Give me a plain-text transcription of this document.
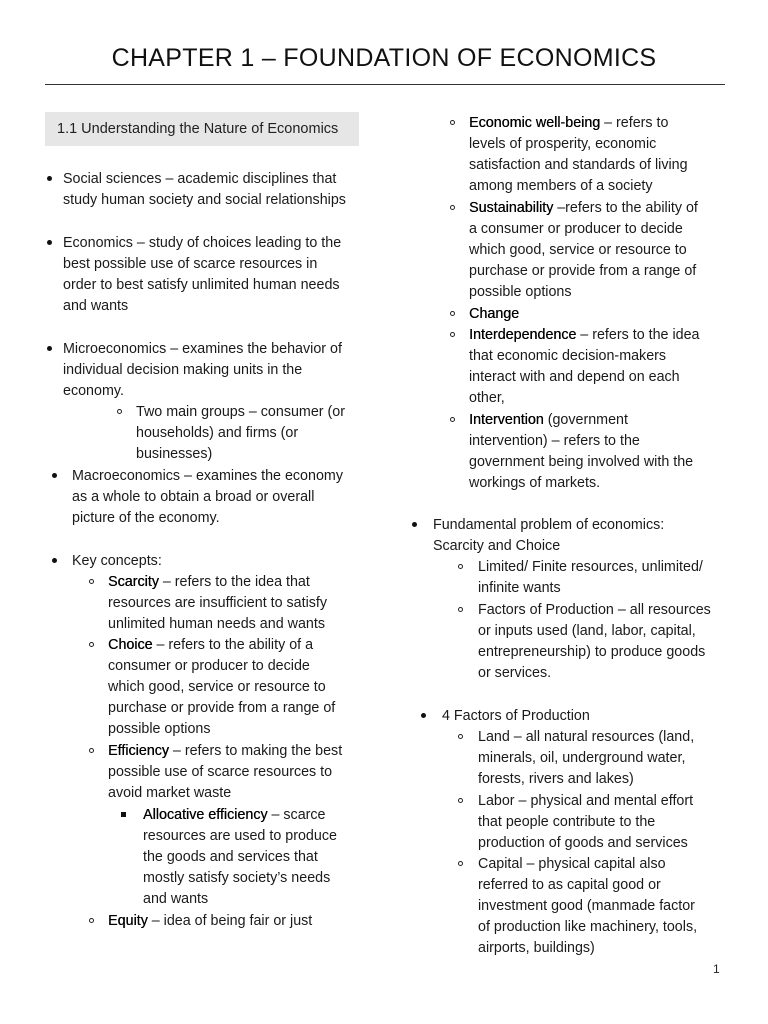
CHAPTER 1 – FOUNDATION OF ECONOMICS
1.1 Understanding the Nature of Economics
Social sciences – academic disciplines that
study human society and social relationships
Economics – study of choices leading to the
best possible use of scarce resources in
order to best satisfy unlimited human needs
and wants
Microeconomics – examines the behavior of
individual decision making units in the
economy.
Two main groups – consumer (or
households) and firms (or
businesses)
Macroeconomics – examines the economy
as a whole to obtain a broad or overall
picture of the economy.
Key concepts:
Scarcity – refers to the idea that
resources are insufficient to satisfy
unlimited human needs and wants
Choice – refers to the ability of a
consumer or producer to decide
which good, service or resource to
purchase or provide from a range of
possible options
Efficiency – refers to making the best
possible use of scarce resources to
avoid market waste
Allocative efficiency – scarce
resources are used to produce
the goods and services that
mostly satisfy society’s needs
and wants
Equity – idea of being fair or just
Economic well-being – refers to
levels of prosperity, economic
satisfaction and standards of living
among members of a society
Sustainability –refers to the ability of
a consumer or producer to decide
which good, service or resource to
purchase or provide from a range of
possible options
Change
Interdependence – refers to the idea
that economic decision-makers
interact with and depend on each
other,
Intervention (government
intervention) – refers to the
government being involved with the
workings of markets.
Fundamental problem of economics:
Scarcity and Choice
Limited/ Finite resources, unlimited/
infinite wants
Factors of Production – all resources
or inputs used (land, labor, capital,
entrepreneurship) to produce goods
or services.
4 Factors of Production
Land – all natural resources (land,
minerals, oil, underground water,
forests, rivers and lakes)
Labor – physical and mental effort
that people contribute to the
production of goods and services
Capital – physical capital also
referred to as capital good or
investment good (manmade factor
of production like machinery, tools,
airports, buildings)
1
